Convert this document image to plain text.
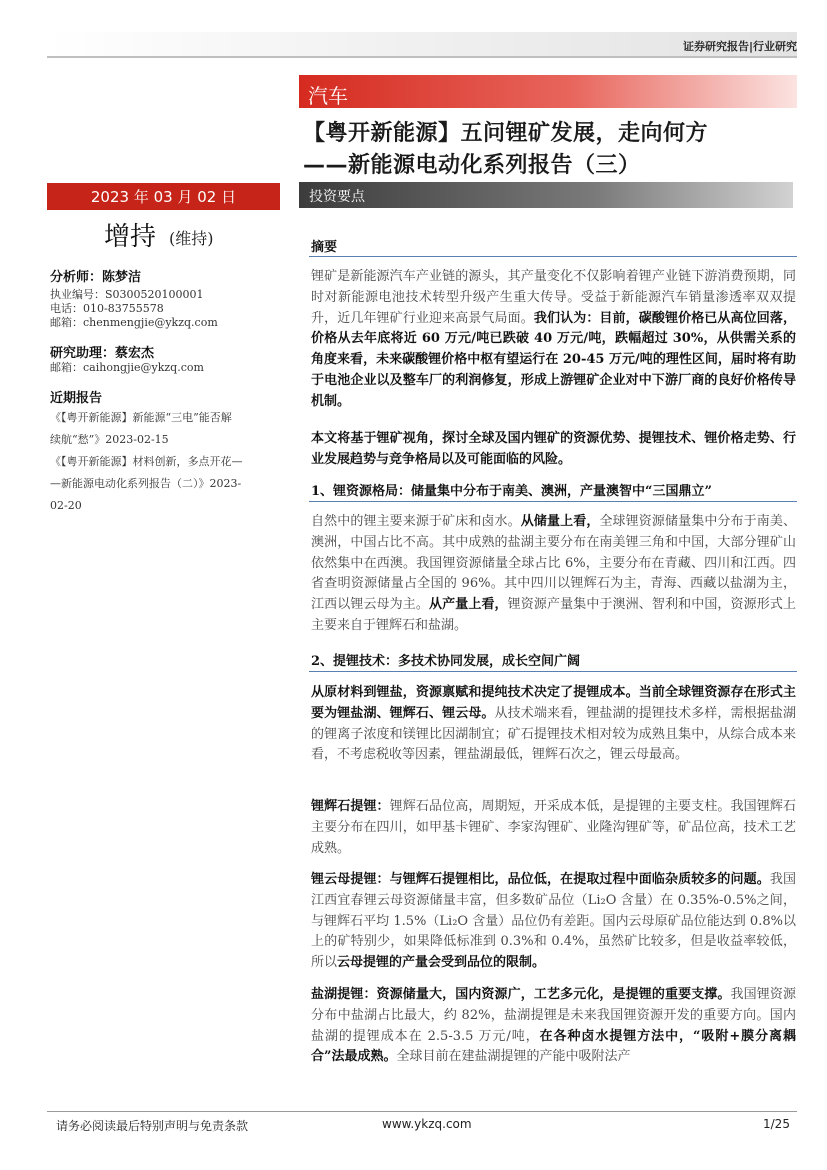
证券研究报告|行业研究
汽车
【粤开新能源】五问锂矿发展，走向何方
——新能源电动化系列报告（三）
2023 年 03 月 02 日	投资要点
增持 (维持)
分析师：陈梦洁
执业编号：S0300520100001
电话：010-83755578
邮箱：chenmengjie@ykzq.com
研究助理：蔡宏杰
邮箱：caihongjie@ykzq.com
近期报告
《【粤开新能源】新能源“三电”能否解
续航“愁”》2023-02-15
《【粤开新能源】材料创新，多点开花—
—新能源电动化系列报告（二）》2023-
02-20
摘要
锂矿是新能源汽车产业链的源头，其产量变化不仅影响着锂产业链下游消费预期，同时对新能源电池技术转型升级产生重大传导。受益于新能源汽车销量渗透率双双提升，近几年锂矿行业迎来高景气局面。我们认为：目前，碳酸锂价格已从高位回落，价格从去年底将近 60 万元/吨已跌破 40 万元/吨，跌幅超过 30%，从供需关系的角度来看，未来碳酸锂价格中枢有望运行在 20-45 万元/吨的理性区间，届时将有助于电池企业以及整车厂的利润修复，形成上游锂矿企业对中下游厂商的良好价格传导机制。
本文将基于锂矿视角，探讨全球及国内锂矿的资源优势、提锂技术、锂价格走势、行业发展趋势与竞争格局以及可能面临的风险。
1、锂资源格局：储量集中分布于南美、澳洲，产量澳智中“三国鼎立”
自然中的锂主要来源于矿床和卤水。从储量上看，全球锂资源储量集中分布于南美、澳洲，中国占比不高。其中成熟的盐湖主要分布在南美锂三角和中国，大部分锂矿山依然集中在西澳。我国锂资源储量全球占比 6%，主要分布在青藏、四川和江西。四省查明资源储量占全国的 96%。其中四川以锂辉石为主，青海、西藏以盐湖为主，江西以锂云母为主。从产量上看，锂资源产量集中于澳洲、智利和中国，资源形式上主要来自于锂辉石和盐湖。
2、提锂技术：多技术协同发展，成长空间广阔
从原材料到锂盐，资源禀赋和提纯技术决定了提锂成本。当前全球锂资源存在形式主要为锂盐湖、锂辉石、锂云母。从技术端来看，锂盐湖的提锂技术多样，需根据盐湖的锂离子浓度和镁锂比因湖制宜；矿石提锂技术相对较为成熟且集中，从综合成本来看，不考虑税收等因素，锂盐湖最低，锂辉石次之，锂云母最高。
锂辉石提锂：锂辉石品位高，周期短，开采成本低，是提锂的主要支柱。我国锂辉石主要分布在四川，如甲基卡锂矿、李家沟锂矿、业隆沟锂矿等，矿品位高，技术工艺成熟。
锂云母提锂：与锂辉石提锂相比，品位低，在提取过程中面临杂质较多的问题。我国江西宜春锂云母资源储量丰富，但多数矿品位（Li₂O 含量）在 0.35%-0.5%之间，与锂辉石平均 1.5%（Li₂O 含量）品位仍有差距。国内云母原矿品位能达到 0.8%以上的矿特别少，如果降低标准到 0.3%和 0.4%，虽然矿比较多，但是收益率较低，所以云母提锂的产量会受到品位的限制。
盐湖提锂：资源储量大，国内资源广，工艺多元化，是提锂的重要支撑。我国锂资源分布中盐湖占比最大，约 82%，盐湖提锂是未来我国锂资源开发的重要方向。国内盐湖的提锂成本在 2.5-3.5 万元/吨，在各种卤水提锂方法中，“吸附+膜分离耦合”法最成熟。全球目前在建盐湖提锂的产能中吸附法产
请务必阅读最后特别声明与免责条款	www.ykzq.com	1/25
